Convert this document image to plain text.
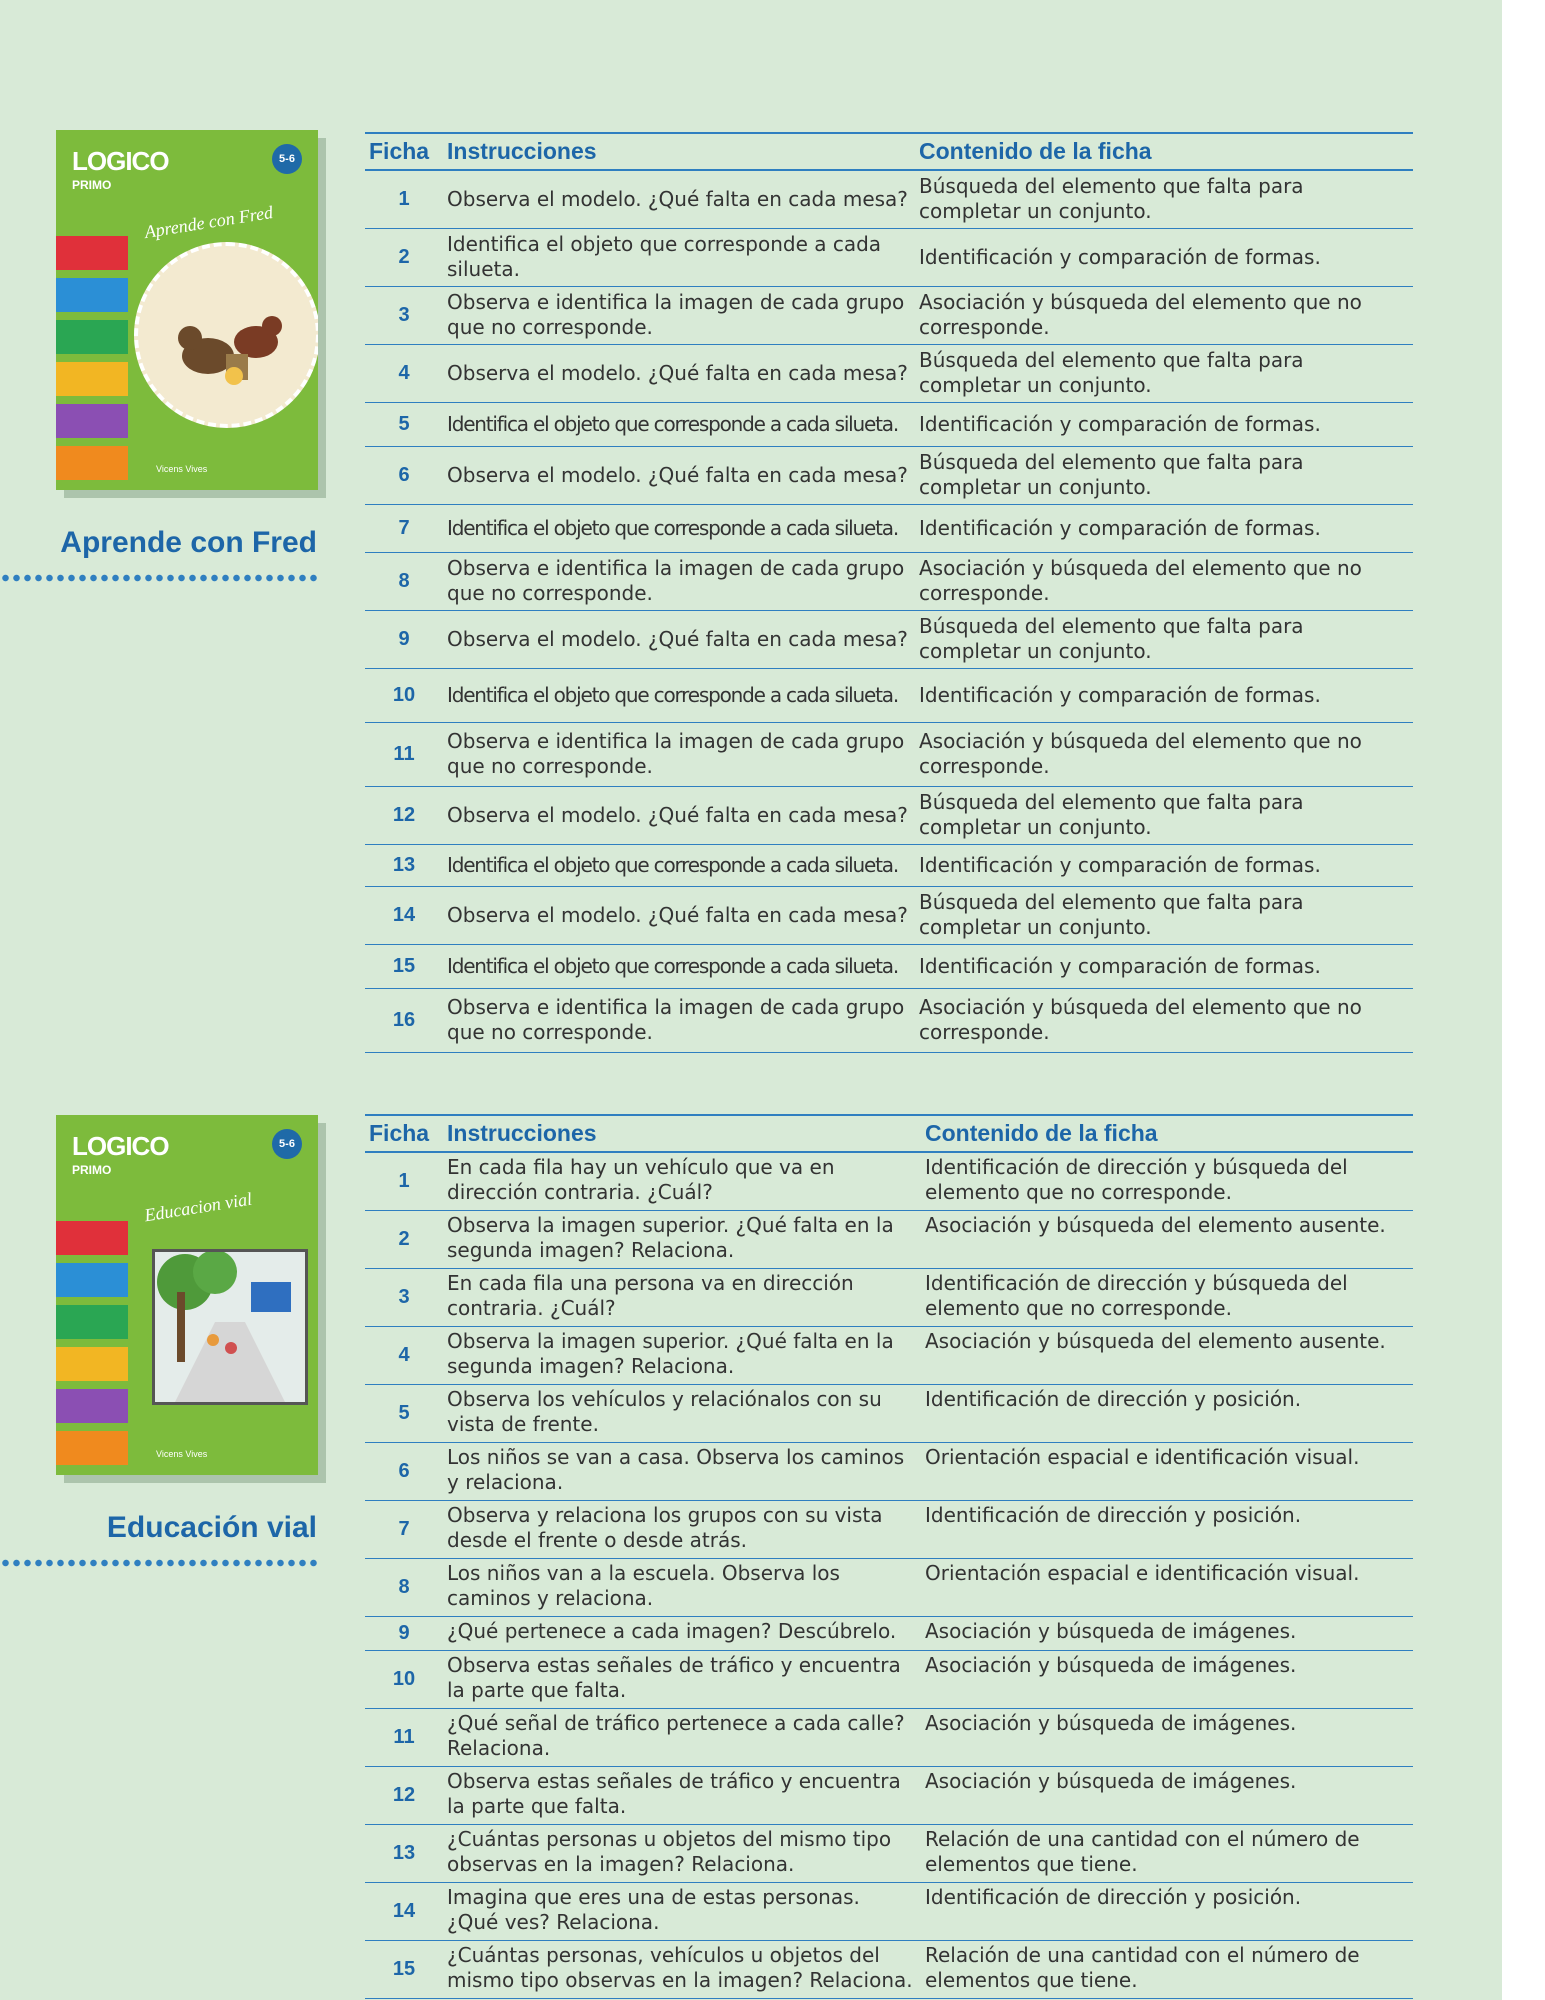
LOGICO
PRIMO
5-6
Aprende con Fred
Vicens Vives
Aprende con Fred
Ficha	Instrucciones	Contenido de la ficha
1	Observa el modelo. ¿Qué falta en cada mesa?	Búsqueda del elemento que falta para completar un conjunto.
2	Identifica el objeto que corresponde a cada silueta.	Identificación y comparación de formas.
3	Observa e identifica la imagen de cada grupo que no corresponde.	Asociación y búsqueda del elemento que no corresponde.
4	Observa el modelo. ¿Qué falta en cada mesa?	Búsqueda del elemento que falta para completar un conjunto.
5	Identifica el objeto que corresponde a cada silueta.	Identificación y comparación de formas.
6	Observa el modelo. ¿Qué falta en cada mesa?	Búsqueda del elemento que falta para completar un conjunto.
7	Identifica el objeto que corresponde a cada silueta.	Identificación y comparación de formas.
8	Observa e identifica la imagen de cada grupo que no corresponde.	Asociación y búsqueda del elemento que no corresponde.
9	Observa el modelo. ¿Qué falta en cada mesa?	Búsqueda del elemento que falta para completar un conjunto.
10	Identifica el objeto que corresponde a cada silueta.	Identificación y comparación de formas.
11	Observa e identifica la imagen de cada grupo que no corresponde.	Asociación y búsqueda del elemento que no corresponde.
12	Observa el modelo. ¿Qué falta en cada mesa?	Búsqueda del elemento que falta para completar un conjunto.
13	Identifica el objeto que corresponde a cada silueta.	Identificación y comparación de formas.
14	Observa el modelo. ¿Qué falta en cada mesa?	Búsqueda del elemento que falta para completar un conjunto.
15	Identifica el objeto que corresponde a cada silueta.	Identificación y comparación de formas.
16	Observa e identifica la imagen de cada grupo que no corresponde.	Asociación y búsqueda del elemento que no corresponde.
LOGICO
PRIMO
5-6
Educacion vial
Vicens Vives
Educación vial
Ficha	Instrucciones	Contenido de la ficha
1	En cada fila hay un vehículo que va en dirección contraria. ¿Cuál?	Identificación de dirección y búsqueda del elemento que no corresponde.
2	Observa la imagen superior. ¿Qué falta en la segunda imagen? Relaciona.	Asociación y búsqueda del elemento ausente.
3	En cada fila una persona va en dirección contraria. ¿Cuál?	Identificación de dirección y búsqueda del elemento que no corresponde.
4	Observa la imagen superior. ¿Qué falta en la segunda imagen? Relaciona.	Asociación y búsqueda del elemento ausente.
5	Observa los vehículos y relaciónalos con su vista de frente.	Identificación de dirección y posición.
6	Los niños se van a casa. Observa los caminos y relaciona.	Orientación espacial e identificación visual.
7	Observa y relaciona los grupos con su vista desde el frente o desde atrás.	Identificación de dirección y posición.
8	Los niños van a la escuela. Observa los caminos y relaciona.	Orientación espacial e identificación visual.
9	¿Qué pertenece a cada imagen? Descúbrelo.	Asociación y búsqueda de imágenes.
10	Observa estas señales de tráfico y encuentra la parte que falta.	Asociación y búsqueda de imágenes.
11	¿Qué señal de tráfico pertenece a cada calle? Relaciona.	Asociación y búsqueda de imágenes.
12	Observa estas señales de tráfico y encuentra la parte que falta.	Asociación y búsqueda de imágenes.
13	¿Cuántas personas u objetos del mismo tipo observas en la imagen? Relaciona.	Relación de una cantidad con el número de elementos que tiene.
14	Imagina que eres una de estas personas. ¿Qué ves? Relaciona.	Identificación de dirección y posición.
15	¿Cuántas personas, vehículos u objetos del mismo tipo observas en la imagen? Relaciona.	Relación de una cantidad con el número de elementos que tiene.
